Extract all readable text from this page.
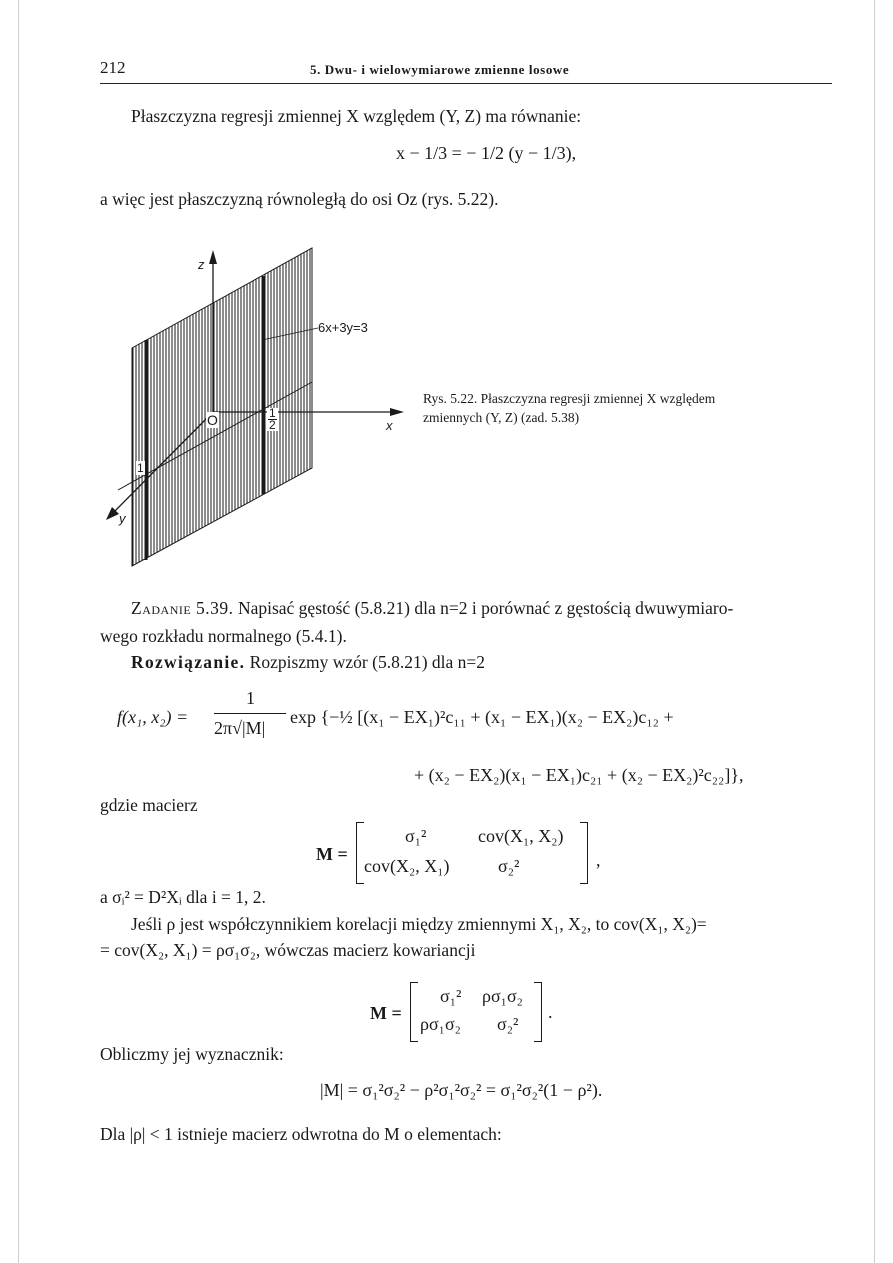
212	5. Dwu- i wielowymiarowe zmienne losowe
Płaszczyzna regresji zmiennej X względem (Y, Z) ma równanie:
x − 1/3 = − 1/2 (y − 1/3),
a więc jest płaszczyzną równoległą do osi Oz (rys. 5.22).
z
x
y
O
1
$\frac{1}{2}$
6x+3y=3
Rys. 5.22. Płaszczyzna regresji zmiennej X względem
zmiennych (Y, Z) (zad. 5.38)
Zadanie 5.39. Napisać gęstość (5.8.21) dla n=2 i porównać z gęstością dwuwymiaro-
wego rozkładu normalnego (5.4.1).
Rozwiązanie. Rozpiszmy wzór (5.8.21) dla n=2
f(x₁, x₂) =
1
2π√|M|
exp {−½ [(x₁ − EX₁)²c₁₁ + (x₁ − EX₁)(x₂ − EX₂)c₁₂ +
+ (x₂ − EX₂)(x₁ − EX₁)c₂₁ + (x₂ − EX₂)²c₂₂]},
gdzie macierz
M =
σ₁²	cov(X₁, X₂)
cov(X₂, X₁)	σ₂²	,
a σᵢ² = D²Xᵢ dla i = 1, 2.
Jeśli ρ jest współczynnikiem korelacji między zmiennymi X₁, X₂, to cov(X₁, X₂)=
= cov(X₂, X₁) = ρσ₁σ₂, wówczas macierz kowariancji
M =
σ₁² ρσ₁σ₂
ρσ₁σ₂ σ₂²
.
Obliczmy jej wyznacznik:
|M| = σ₁²σ₂² − ρ²σ₁²σ₂² = σ₁²σ₂²(1 − ρ²).
Dla |ρ| < 1 istnieje macierz odwrotna do M o elementach:
